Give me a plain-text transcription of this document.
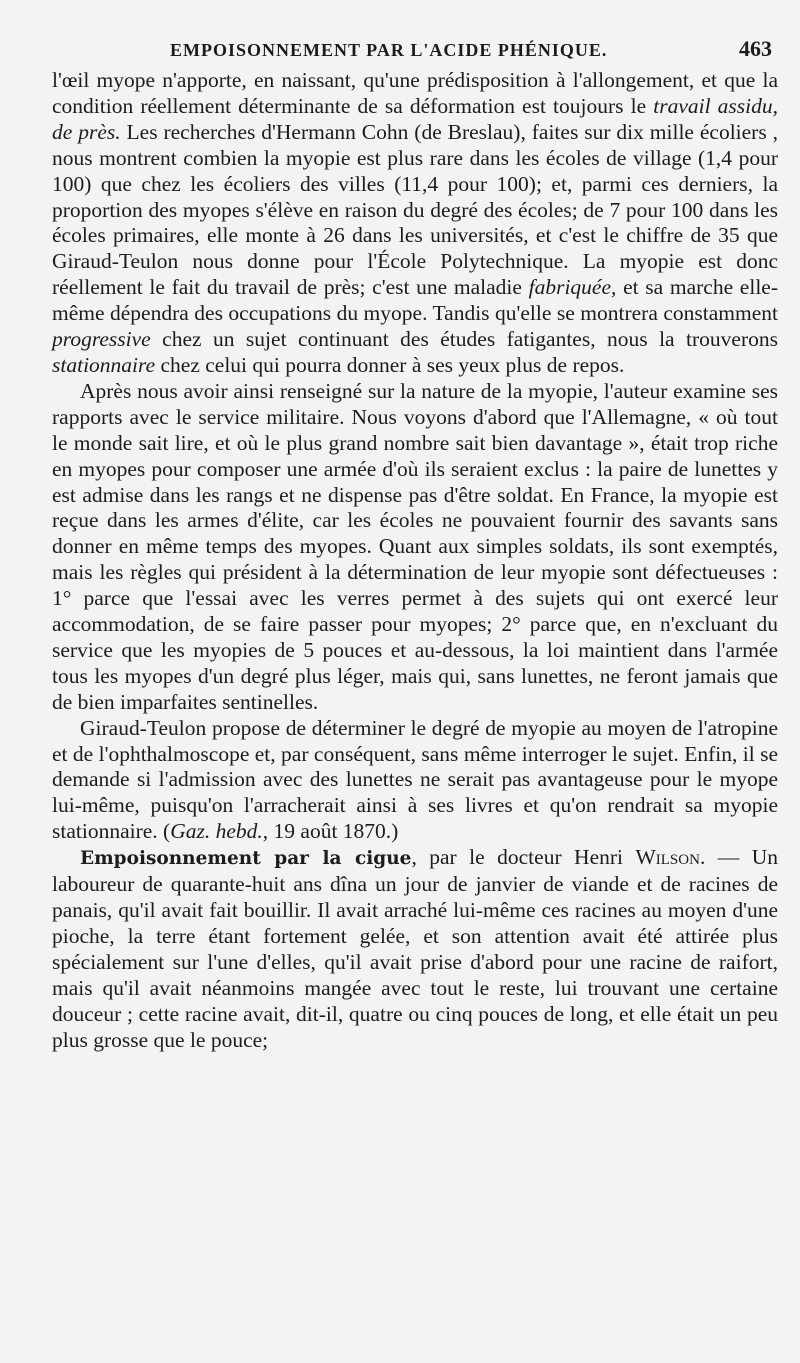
EMPOISONNEMENT PAR L'ACIDE PHÉNIQUE.	463

l'œil myope n'apporte, en naissant, qu'une prédisposition à l'allongement, et que la condition réellement déterminante de sa déformation est toujours le travail assidu, de près. Les recherches d'Hermann Cohn (de Breslau), faites sur dix mille écoliers , nous montrent combien la myopie est plus rare dans les écoles de village (1,4 pour 100) que chez les écoliers des villes (11,4 pour 100); et, parmi ces derniers, la proportion des myopes s'élève en raison du degré des écoles; de 7 pour 100 dans les écoles primaires, elle monte à 26 dans les universités, et c'est le chiffre de 35 que Giraud-Teulon nous donne pour l'École Polytechnique. La myopie est donc réellement le fait du travail de près; c'est une maladie fabriquée, et sa marche elle-même dépendra des occupations du myope. Tandis qu'elle se montrera constamment progressive chez un sujet continuant des études fatigantes, nous la trouverons stationnaire chez celui qui pourra donner à ses yeux plus de repos.

Après nous avoir ainsi renseigné sur la nature de la myopie, l'auteur examine ses rapports avec le service militaire. Nous voyons d'abord que l'Allemagne, « où tout le monde sait lire, et où le plus grand nombre sait bien davantage », était trop riche en myopes pour composer une armée d'où ils seraient exclus : la paire de lunettes y est admise dans les rangs et ne dispense pas d'être soldat. En France, la myopie est reçue dans les armes d'élite, car les écoles ne pouvaient fournir des savants sans donner en même temps des myopes. Quant aux simples soldats, ils sont exemptés, mais les règles qui président à la détermination de leur myopie sont défectueuses : 1° parce que l'essai avec les verres permet à des sujets qui ont exercé leur accommodation, de se faire passer pour myopes; 2° parce que, en n'excluant du service que les myopies de 5 pouces et au-dessous, la loi maintient dans l'armée tous les myopes d'un degré plus léger, mais qui, sans lunettes, ne feront jamais que de bien imparfaites sentinelles.

Giraud-Teulon propose de déterminer le degré de myopie au moyen de l'atropine et de l'ophthalmoscope et, par conséquent, sans même interroger le sujet. Enfin, il se demande si l'admission avec des lunettes ne serait pas avantageuse pour le myope lui-même, puisqu'on l'arracherait ainsi à ses livres et qu'on rendrait sa myopie stationnaire. (Gaz. hebd., 19 août 1870.)

Empoisonnement par la cigue, par le docteur Henri Wilson. — Un laboureur de quarante-huit ans dîna un jour de janvier de viande et de racines de panais, qu'il avait fait bouillir. Il avait arraché lui-même ces racines au moyen d'une pioche, la terre étant fortement gelée, et son attention avait été attirée plus spécialement sur l'une d'elles, qu'il avait prise d'abord pour une racine de raifort, mais qu'il avait néanmoins mangée avec tout le reste, lui trouvant une certaine douceur ; cette racine avait, dit-il, quatre ou cinq pouces de long, et elle était un peu plus grosse que le pouce;
